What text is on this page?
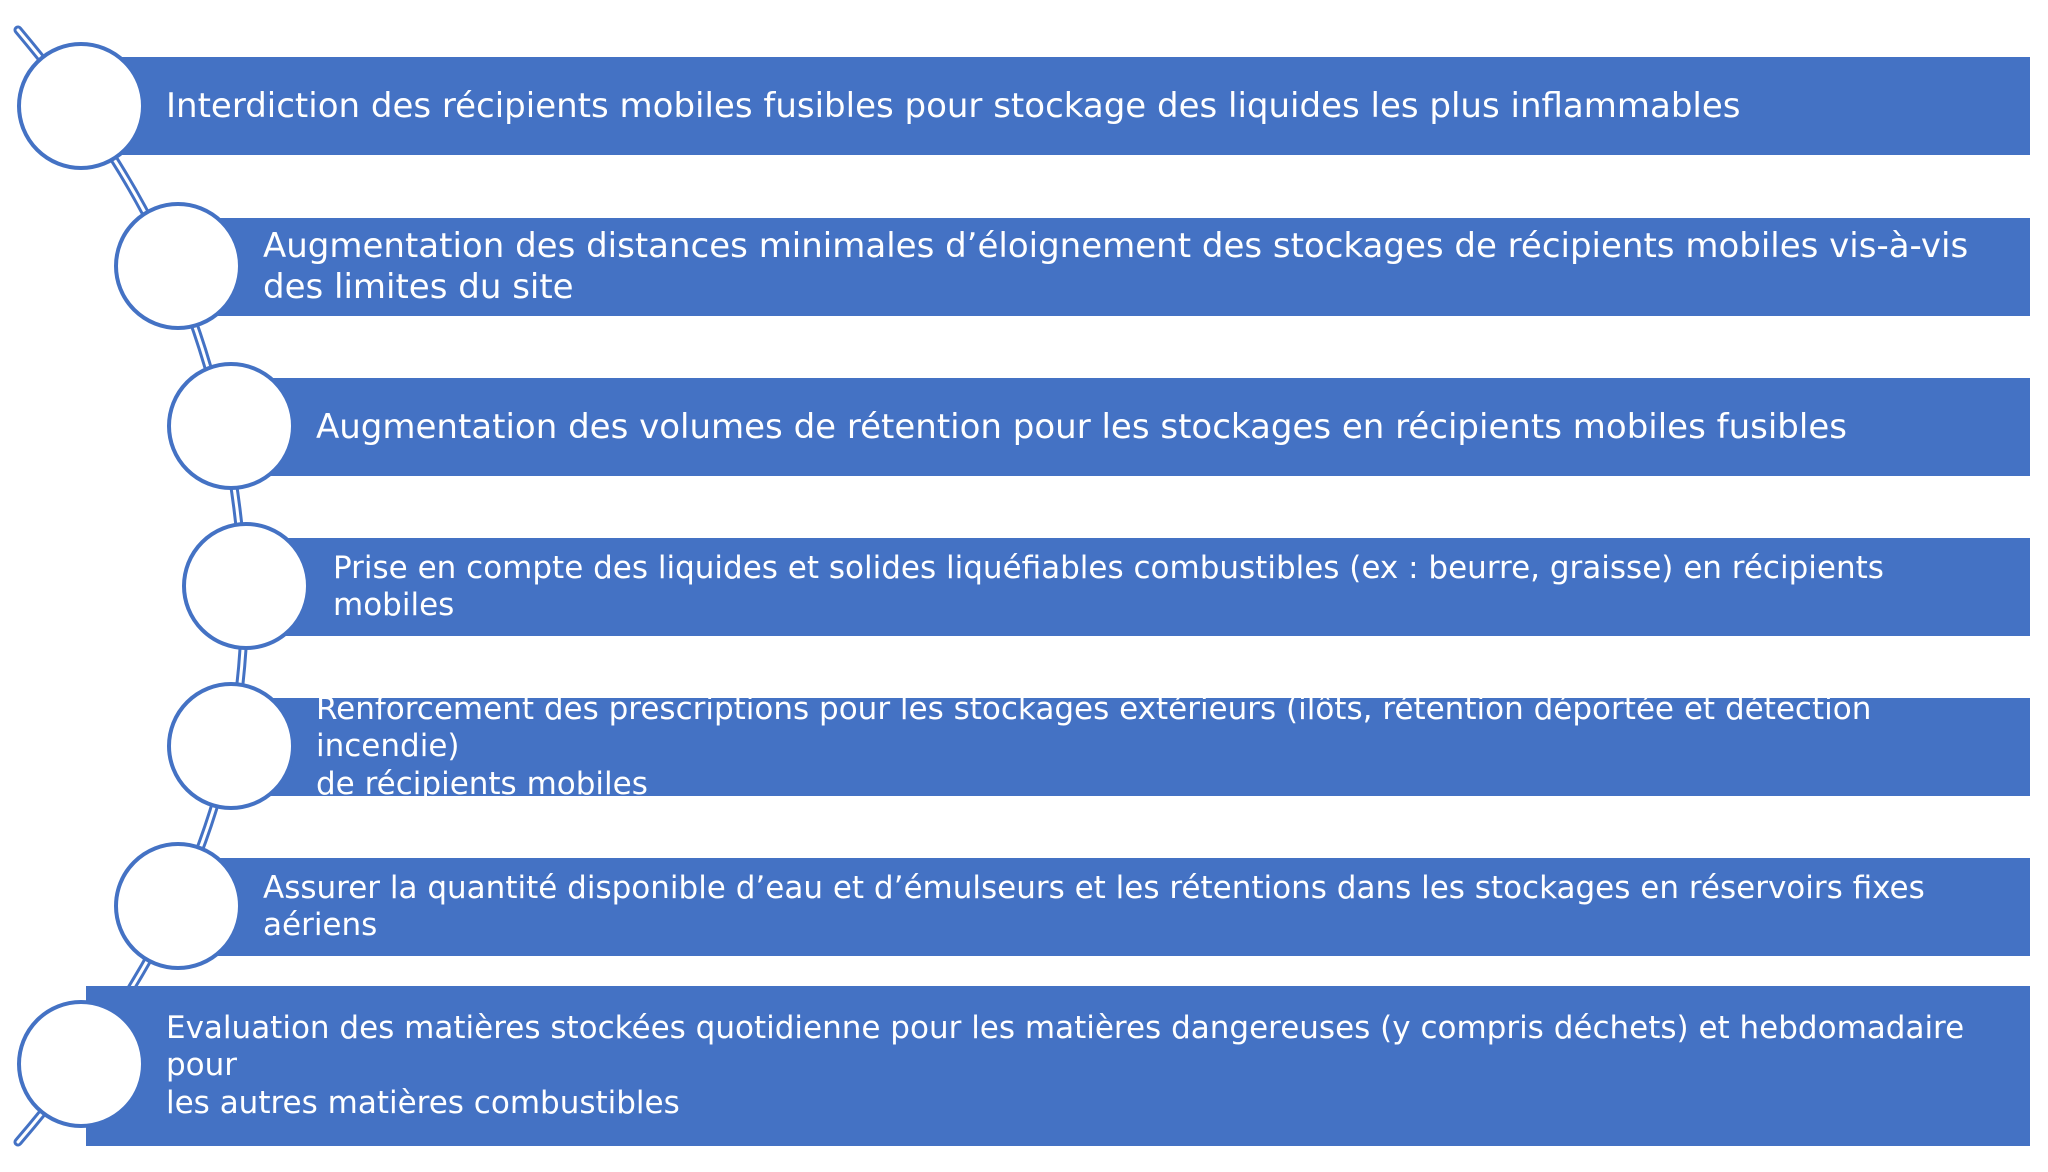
Interdiction des récipients mobiles fusibles pour stockage des liquides les plus inflammables
Augmentation des distances minimales d’éloignement des stockages de récipients mobiles vis-à-vis
des limites du site
Augmentation des volumes de rétention pour les stockages en récipients mobiles fusibles
Prise en compte des liquides et solides liquéfiables combustibles (ex : beurre, graisse) en récipients mobiles
Renforcement des prescriptions pour les stockages extérieurs (ilôts, rétention déportée et détection incendie)
de récipients mobiles
Assurer la quantité disponible d’eau et d’émulseurs et les rétentions dans les stockages en réservoirs fixes aériens
Evaluation des matières stockées quotidienne pour les matières dangereuses (y compris déchets) et hebdomadaire pour
les autres matières combustibles
